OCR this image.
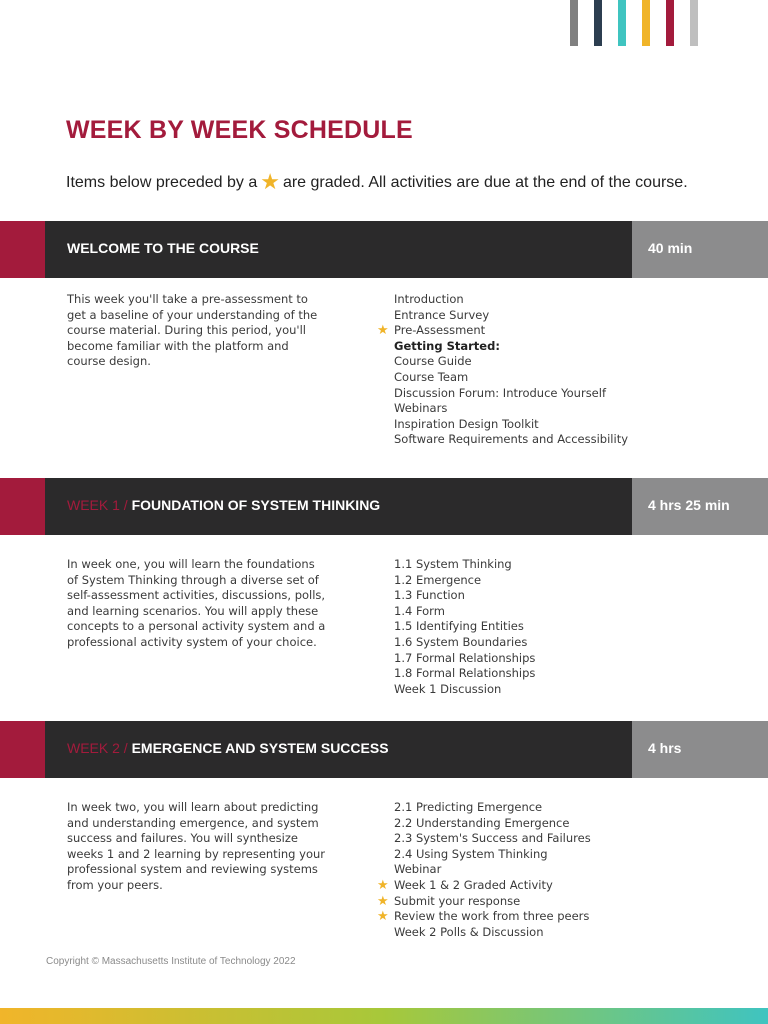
WEEK BY WEEK SCHEDULE

Items below preceded by a ★ are graded. All activities are due at the end of the course.

WELCOME TO THE COURSE	40 min

This week you'll take a pre-assessment to get a baseline of your understanding of the course material. During this period, you'll become familiar with the platform and course design.

Introduction
Entrance Survey
★ Pre-Assessment
Getting Started:
Course Guide
Course Team
Discussion Forum: Introduce Yourself
Webinars
Inspiration Design Toolkit
Software Requirements and Accessibility
WEEK 1 / FOUNDATION OF SYSTEM THINKING	4 hrs 25 min

In week one, you will learn the foundations of System Thinking through a diverse set of self-assessment activities, discussions, polls, and learning scenarios. You will apply these concepts to a personal activity system and a professional activity system of your choice.

1.1 System Thinking
1.2 Emergence
1.3 Function
1.4 Form
1.5 Identifying Entities
1.6 System Boundaries
1.7 Formal Relationships
1.8 Formal Relationships
Week 1 Discussion
WEEK 2 / EMERGENCE AND SYSTEM SUCCESS	4 hrs

In week two, you will learn about predicting and understanding emergence, and system success and failures. You will synthesize weeks 1 and 2 learning by representing your professional system and reviewing systems from your peers.

2.1 Predicting Emergence
2.2 Understanding Emergence
2.3 System's Success and Failures
2.4 Using System Thinking
Webinar
★ Week 1 & 2 Graded Activity
★ Submit your response
★ Review the work from three peers
Week 2 Polls & Discussion

Copyright © Massachusetts Institute of Technology 2022
